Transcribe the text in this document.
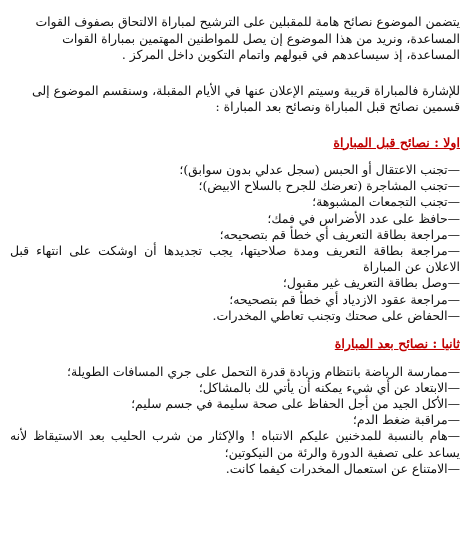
يتضمن الموضوع نصائح هامة للمقبلين على الترشيح لمباراة الالتحاق بصفوف القوات

المساعدة، ونريد من هذا الموضوع إن يصل للمواطنين المهتمين بمباراة القوات

المساعدة، إذ سيساعدهم في قبولهم واتمام التكوين داخل المركز .

للإشارة فالمباراة قريبة وسيتم الإعلان عنها في الأيام المقبلة، وسنقسم الموضوع إلى

قسمين نصائح قبل المباراة ونصائح بعد المباراة :

اولا : نصائح قبل المباراة

—تجنب الاعتقال أو الحبس (سجل عدلي بدون سوابق)؛
—تجنب المشاجرة (تعرضك للجرح بالسلاح الابيض)؛
—تجنب التجمعات المشبوهة؛
—حافظ على عدد الأضراس في فمك؛
—مراجعة بطاقة التعريف أي خطأ قم بتصحيحه؛
—مراجعة بطاقة التعريف ومدة صلاحيتها، يجب تجديدها أن اوشكت على انتهاء قبل الاعلان عن المباراة
—وصل بطاقة التعريف غير مقبول؛
—مراجعة عقود الازدياد أي خطأ قم بتصحيحه؛
—الحفاض على صحتك وتجنب تعاطي المخدرات.

ثانيا : نصائح بعد المباراة

—ممارسة الرياضة بانتظام وزيادة قدرة التحمل على جري المسافات الطويلة؛
—الابتعاد عن أي شيء يمكنه أن يأتي لك بالمشاكل؛
—الأكل الجيد من أجل الحفاظ على صحة سليمة في جسم سليم؛
—مراقبة ضغط الدم؛
—هام بالنسبة للمدخنين عليكم الانتباه ! والإكثار من شرب الحليب بعد الاستيقاظ لأنه يساعد على تصفية الدورة والرئة من النيكوتين؛
—الامتناع عن استعمال المخدرات كيفما كانت.
